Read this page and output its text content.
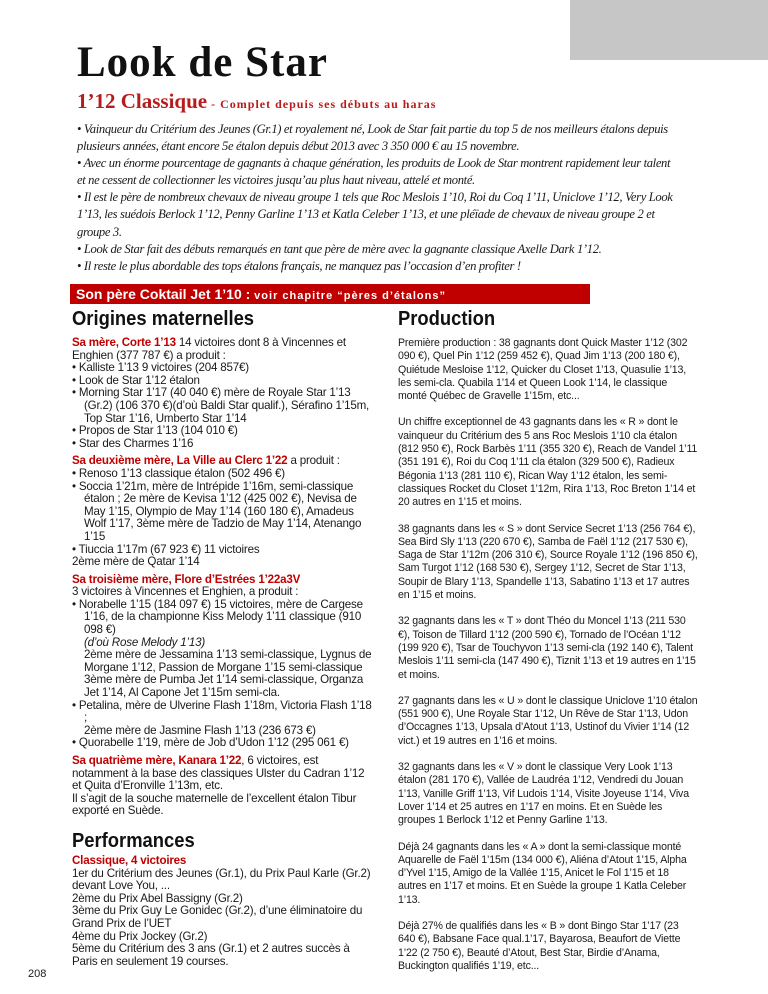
Look de Star
1’12 Classique - Complet depuis ses débuts au haras

• Vainqueur du Critérium des Jeunes (Gr.1) et royalement né, Look de Star fait partie du top 5 de nos meilleurs étalons depuis plusieurs années, étant encore 5e étalon depuis début 2013 avec 3 350 000 € au 15 novembre.

• Avec un énorme pourcentage de gagnants à chaque génération, les produits de Look de Star montrent rapidement leur talent et ne cessent de collectionner les victoires jusqu’au plus haut niveau, attelé et monté.

• Il est le père de nombreux chevaux de niveau groupe 1 tels que Roc Meslois 1’10, Roi du Coq 1’11, Uniclove 1’12, Very Look 1’13, les suédois Berlock 1’12, Penny Garline 1’13 et Katla Celeber 1’13, et une pléïade de chevaux de niveau groupe 2 et groupe 3.

• Look de Star fait des débuts remarqués en tant que père de mère avec la gagnante classique Axelle Dark 1’12.

• Il reste le plus abordable des tops étalons français, ne manquez pas l’occasion d’en profiter !

Son père Coktail Jet 1’10 : voir chapitre “pères d’étalons”
Origines maternelles
Sa mère, Corte 1’13 14 victoires dont 8 à Vincennes et Enghien (377 787 €) a produit :
• Kalliste 1’13 9 victoires (204 857€)
• Look de Star 1’12 étalon
• Morning Star 1’17 (40 040 €) mère de Royale Star 1’13 (Gr.2) (106 370 €)(d’où Baldi Star qualif.), Sérafino 1’15m, Top Star 1’16, Umberto Star 1’14
• Propos de Star 1’13 (104 010 €)
• Star des Charmes 1’16
Sa deuxième mère, La Ville au Clerc 1’22 a produit :
• Renoso 1’13 classique étalon (502 496 €)
• Soccia 1’21m, mère de Intrépide 1’16m, semi-classique étalon ; 2e mère de Kevisa 1’12 (425 002 €), Nevisa de May 1’15, Olympio de May 1’14 (160 180 €), Amadeus Wolf 1’17, 3ème mère de Tadzio de May 1’14, Atenango 1’15
• Tiuccia 1’17m (67 923 €) 11 victoires
2ème mère de Qatar 1’14
Sa troisième mère, Flore d’Estrées 1’22a3V
3 victoires à Vincennes et Enghien, a produit :
• Norabelle 1’15 (184 097 €) 15 victoires, mère de Cargese 1’16, de la championne Kiss Melody 1’11 classique (910 098 €)
(d’où Rose Melody 1’13)
2ème mère de Jessamina 1’13 semi-classique, Lygnus de Morgane 1’12, Passion de Morgane 1’15 semi-classique
3ème mère de Pumba Jet 1’14 semi-classique, Organza Jet 1’14, Al Capone Jet 1’15m semi-cla.
• Petalina, mère de Ulverine Flash 1’18m, Victoria Flash 1’18 ;
2ème mère de Jasmine Flash 1’13 (236 673 €)
• Quorabelle 1’19, mère de Job d’Udon 1’12 (295 061 €)
Sa quatrième mère, Kanara 1’22, 6 victoires, est notamment à la base des classiques Ulster du Cadran 1’12 et Quita d’Eronville 1’13m, etc.
Il s’agit de la souche maternelle de l’excellent étalon Tibur exporté en Suède.
Performances
Classique, 4 victoires
1er du Critérium des Jeunes (Gr.1), du Prix Paul Karle (Gr.2) devant Love You, ...
2ème du Prix Abel Bassigny (Gr.2)
3ème du Prix Guy Le Gonidec (Gr.2), d’une éliminatoire du Grand Prix de l’UET
4ème du Prix Jockey (Gr.2)
5ème du Critérium des 3 ans (Gr.1) et 2 autres succès à Paris en seulement 19 courses.
Production

Première production : 38 gagnants dont Quick Master 1’12 (302 090 €), Quel Pin 1’12 (259 452 €), Quad Jim 1’13 (200 180 €), Quiétude Mesloise 1’12, Quicker du Closet 1’13, Quasulie 1’13, les semi-cla. Quabila 1’14 et Queen Look 1’14, le classique monté Québec de Gravelle 1’15m, etc...

Un chiffre exceptionnel de 43 gagnants dans les « R » dont le vainqueur du Critérium des 5 ans Roc Meslois 1’10 cla étalon (812 950 €), Rock Barbès 1’11 (355 320 €), Reach de Vandel 1’11 (351 191 €), Roi du Coq 1’11 cla étalon (329 500 €), Radieux Bégonia 1’13 (281 110 €), Rican Way 1’12 étalon, les semi-classiques Rocket du Closet 1’12m, Rira 1’13, Roc Breton 1’14 et 20 autres en 1’15 et moins.

38 gagnants dans les « S » dont Service Secret 1’13 (256 764 €), Sea Bird Sly 1’13 (220 670 €), Samba de Faël 1’12 (217 530 €), Saga de Star 1’12m (206 310 €), Source Royale 1’12 (196 850 €), Sam Turgot 1’12 (168 530 €), Sergey 1’12, Secret de Star 1’13, Soupir de Blary 1’13, Spandelle 1’13, Sabatino 1’13 et 17 autres en 1’15 et moins.

32 gagnants dans les « T » dont Théo du Moncel 1’13 (211 530 €), Toison de Tillard 1’12 (200 590 €), Tornado de l’Océan 1’12 (199 920 €), Tsar de Touchyvon 1’13 semi-cla (192 140 €), Talent Meslois 1’11 semi-cla (147 490 €), Tiznit 1’13 et 19 autres en 1’15 et moins.

27 gagnants dans les « U » dont le classique Uniclove 1’10 étalon (551 900 €), Une Royale Star 1’12, Un Rêve de Star 1’13, Udon d’Occagnes 1’13, Upsala d’Atout 1’13, Ustinof du Vivier 1’14 (12 vict.) et 19 autres en 1’16 et moins.

32 gagnants dans les « V » dont le classique Very Look 1’13 étalon (281 170 €), Vallée de Laudréa 1’12, Vendredi du Jouan 1’13, Vanille Griff 1’13, Vif Ludois 1’14, Visite Joyeuse 1’14, Viva Lover 1’14 et 25 autres en 1’17 en moins. Et en Suède les groupes 1 Berlock 1’12 et Penny Garline 1’13.

Déjà 24 gagnants dans les « A » dont la semi-classique monté Aquarelle de Faël 1’15m (134 000 €), Aliéna d’Atout 1’15, Alpha d’Yvel 1’15, Amigo de la Vallée 1’15, Anicet le Fol 1’15 et 18 autres en 1’17 et moins. Et en Suède la groupe 1 Katla Celeber 1’13.

Déjà 27% de qualifiés dans les « B » dont Bingo Star 1’17 (23 640 €), Babsane Face qual.1’17, Bayarosa, Beaufort de Viette 1’22 (2 750 €), Beauté d’Atout, Best Star, Birdie d’Anama, Buckington qualifiés 1’19, etc...

208
